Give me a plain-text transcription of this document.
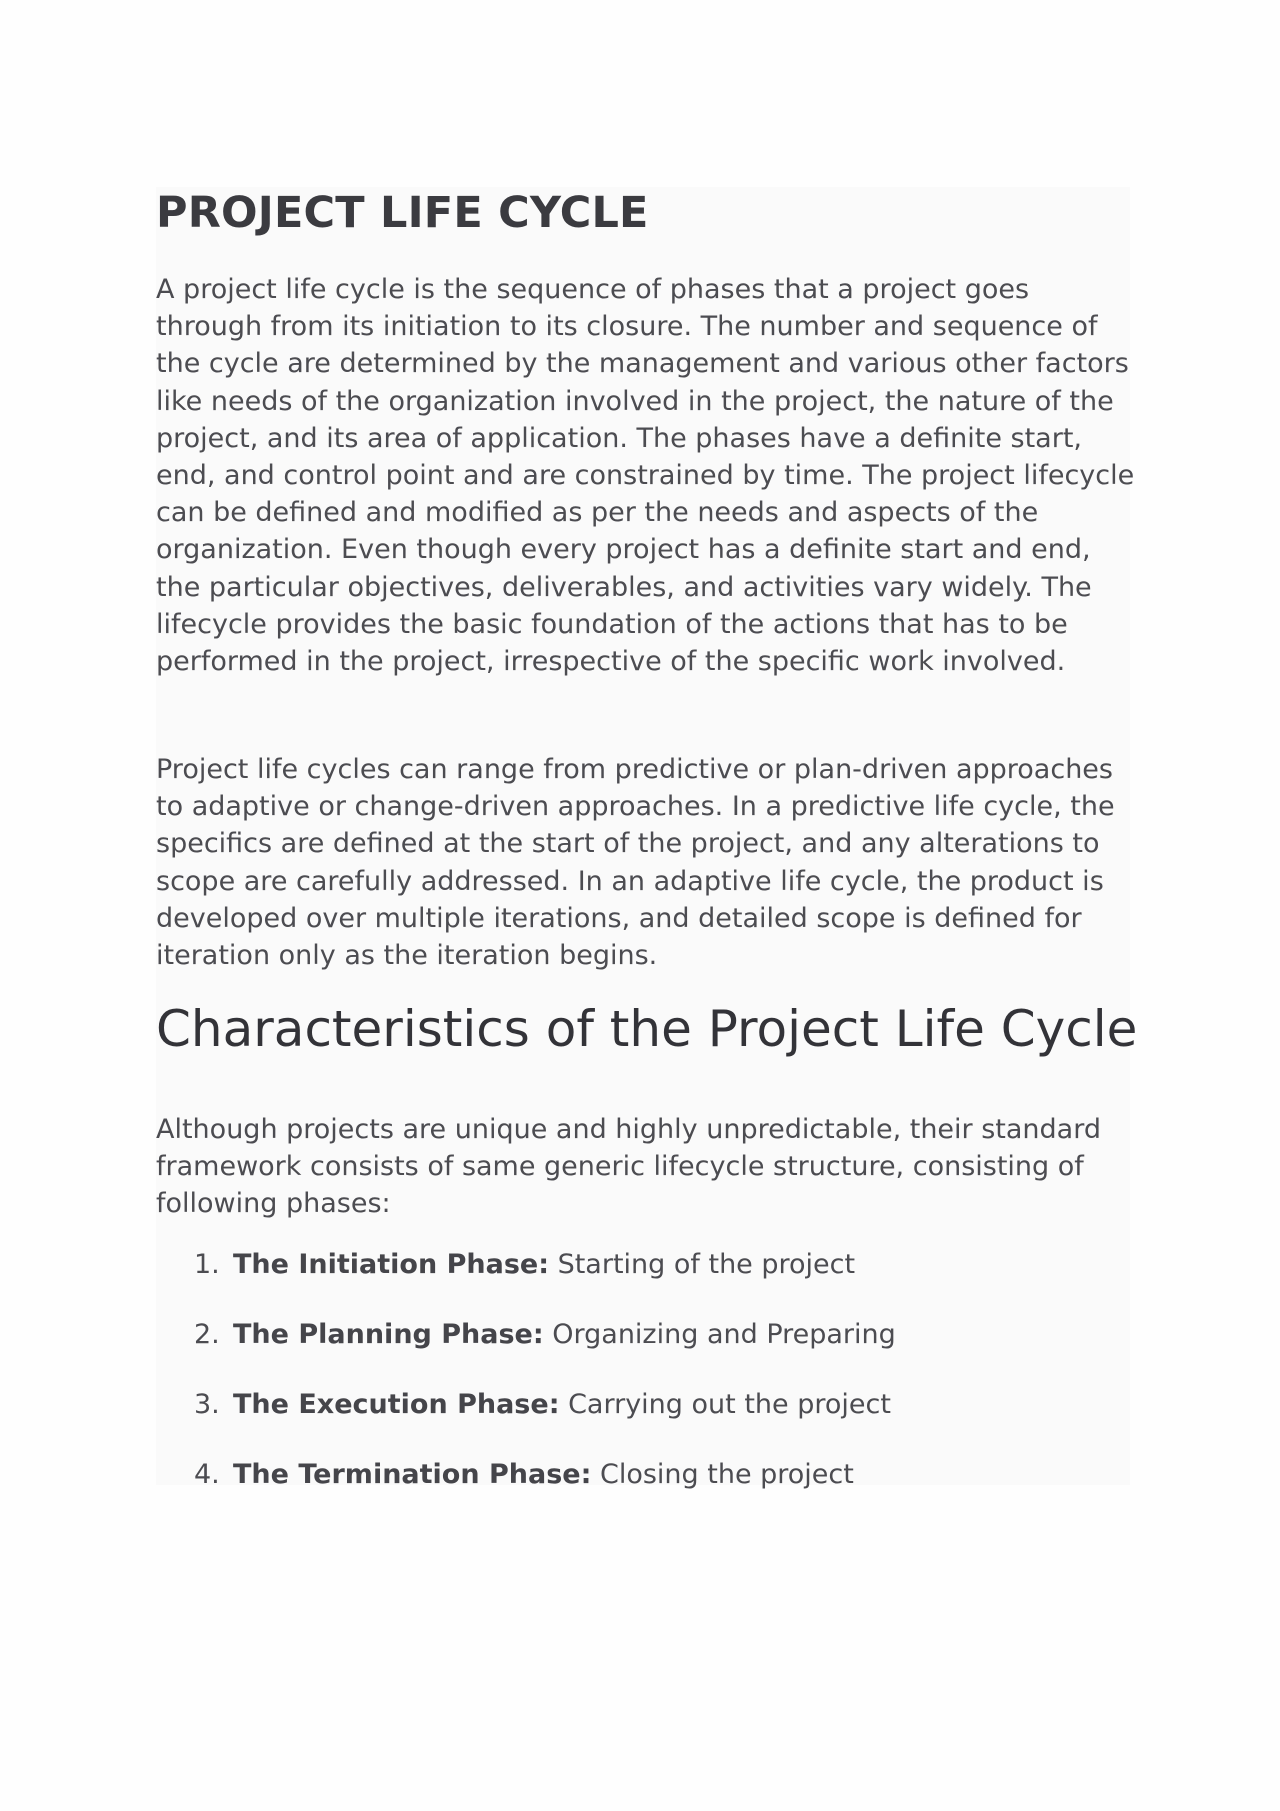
PROJECT LIFE CYCLE

A project life cycle is the sequence of phases that a project goes through from its initiation to its closure. The number and sequence of the cycle are determined by the management and various other factors like needs of the organization involved in the project, the nature of the project, and its area of application. The phases have a definite start, end, and control point and are constrained by time. The project lifecycle can be defined and modified as per the needs and aspects of the organization. Even though every project has a definite start and end, the particular objectives, deliverables, and activities vary widely. The lifecycle provides the basic foundation of the actions that has to be performed in the project, irrespective of the specific work involved.

Project life cycles can range from predictive or plan-driven approaches to adaptive or change-driven approaches. In a predictive life cycle, the specifics are defined at the start of the project, and any alterations to scope are carefully addressed. In an adaptive life cycle, the product is developed over multiple iterations, and detailed scope is defined for iteration only as the iteration begins.

Characteristics of the Project Life Cycle

Although projects are unique and highly unpredictable, their standard framework consists of same generic lifecycle structure, consisting of following phases:

1. The Initiation Phase: Starting of the project
2. The Planning Phase: Organizing and Preparing
3. The Execution Phase: Carrying out the project
4. The Termination Phase: Closing the project
